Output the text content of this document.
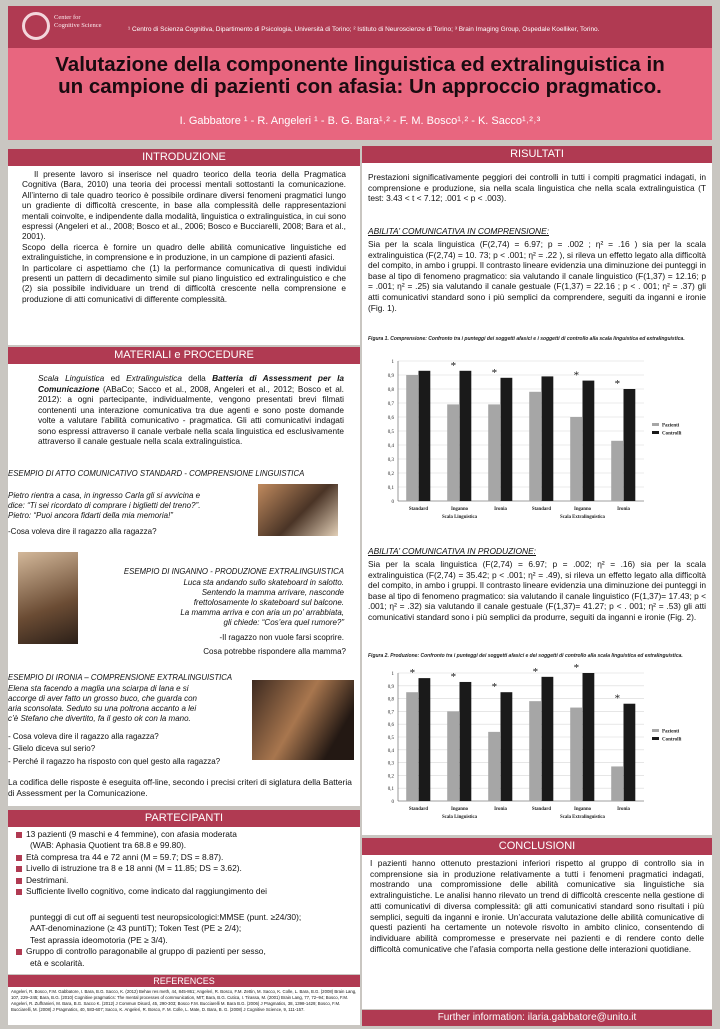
Center for
Cognitive Science
¹ Centro di Scienza Cognitiva, Dipartimento di Psicologia, Università di Torino; ² Istituto di Neuroscienze di Torino; ³ Brain Imaging Group, Ospedale Koelliker, Torino.
Valutazione della componente linguistica ed extralinguistica in
un campione di pazienti con afasia: Un approccio pragmatico.
I. Gabbatore ¹ - R. Angeleri ¹ - B. G. Bara¹˒² - F. M. Bosco¹˒² - K. Sacco¹˒²˒³
INTRODUZIONE
Il presente lavoro si inserisce nel quadro teorico della teoria della Pragmatica Cognitiva (Bara, 2010) una teoria dei processi mentali sottostanti la comunicazione. All’interno di tale quadro teorico è possibile ordinare diversi fenomeni pragmatici lungo un gradiente di difficoltà crescente, in base alla complessità delle rappresentazioni mentali coinvolte, e indipendente dalla modalità, linguistica o extralinguistica, in cui sono espressi (Angeleri et al., 2008; Bosco et al., 2006; Bosco e Bucciarelli, 2008; Bara et al., 2001).
Scopo della ricerca è fornire un quadro delle abilità comunicative linguistiche ed extralinguistiche, in comprensione e in produzione, in un campione di pazienti afasici.
In particolare ci aspettiamo che (1) la performance comunicativa di questi individui presenti un pattern di decadimento simile sul piano linguistico ed extralinguistico e che (2) sia possibile individuare un trend di difficoltà crescente nella comprensione e produzione di atti comunicativi di differente complessità.
MATERIALI e PROCEDURE
Scala Linguistica ed Extralinguistica della Batteria di Assessment per la Comunicazione (ABaCo; Sacco et al., 2008, Angeleri et al., 2012; Bosco et al. 2012): a ogni partecipante, individualmente, vengono presentati brevi filmati contenenti una interazione comunicativa tra due agenti e sono poste domande volte a valutare l’abilità comunicativo - pragmatica. Gli atti comunicativi indagati sono espressi attraverso il canale verbale nella scala linguistica ed esclusivamente attraverso il canale gestuale nella scala extralinguistica.
ESEMPIO DI ATTO COMUNICATIVO STANDARD - COMPRENSIONE LINGUISTICA
Pietro rientra a casa, in ingresso Carla gli si avvicina e
dice: “Ti sei ricordato di comprare i biglietti del treno?”.
Pietro: “Puoi ancora fidarti della mia memoria!”
-Cosa voleva dire il ragazzo alla ragazza?
ESEMPIO DI INGANNO - PRODUZIONE EXTRALINGUISTICA
Luca sta andando sullo skateboard in salotto.
Sentendo la mamma arrivare, nasconde
frettolosamente lo skateboard sul balcone.
La mamma arriva e con aria un po’ arrabbiata,
gli chiede: “Cos’era quel rumore?”
-Il ragazzo non vuole farsi scoprire.
Cosa potrebbe rispondere alla mamma?
ESEMPIO DI IRONIA – COMPRENSIONE EXTRALINGUISTICA
Elena sta facendo a maglia una sciarpa di lana e si
accorge di aver fatto un grosso buco, che guarda con
aria sconsolata. Seduto su una poltrona accanto a lei
c’è Stefano che divertito, fa il gesto ok con la mano.
- Cosa voleva dire il ragazzo alla ragazza?
- Glielo diceva sul serio?
- Perché il ragazzo ha risposto con quel gesto alla ragazza?
La codifica delle risposte è eseguita off-line, secondo i precisi criteri di siglatura della Batteria di Assessment per la Comunicazione.
PARTECIPANTI
13 pazienti (9 maschi e 4 femmine), con afasia moderata
(WAB: Aphasia Quotient tra 68.8 e 99.80).
Età compresa tra 44 e 72 anni (M = 59.7; DS = 8.87).
Livello di istruzione tra 8 e 18 anni (M = 11.85; DS = 3.62).
Destrimani.
Sufficiente livello cognitivo, come indicato dal raggiungimento dei
punteggi di cut off ai seguenti test neuropsicologici:MMSE (punt. ≥24/30);
AAT-denominazione (≥ 43 puntiT); Token Test (PE ≥ 2/4);
Test aprassia ideomotoria (PE ≥ 3/4).
Gruppo di controllo paragonabile al gruppo di pazienti per sesso,
età e scolarità.
REFERENCES
Angeleri, R. Bosco, F.M. Gabbatore, I. Bara, B.G. Sacco, K. (2012) Behav res meth, 44, 845-861; Angeleri, R. Bosco, F.M. Zettin, M. Sacco, K. Colle, L. Bara, B.G. (2008) Brain Lang, 107, 229–245; Bara, B.G. (2010) Cognitive pragmatics: The mental processes of communication, MIT; Bara, B.G. Cutica, I. Tirassa, M. (2001) Brain Lang, 77, 72–94; Bosco, F.M. Angeleri, R. Zuffranieri, M. Bara, B.G. Sacco K. (2012) J Commun Disord, 45, 290-303; Bosco F.M. Bucciarelli M. Bara B.G. (2006) J Pragmatics, 38, 1398-1429; Bosco, F.M. Bucciarelli, M. (2008) J Pragmatics, 40, 583-607; Sacco, K. Angeleri, R. Bosco, F. M. Colle, L. Mate, D. Bara, B. G. (2008) J Cognitive Science, 9, 111-157.
RISULTATI
Prestazioni significativamente peggiori dei controlli in tutti i compiti pragmatici indagati, in comprensione e produzione, sia nella scala linguistica che nella scala extralinguistica (T test: 3.43 < t < 7.12; .001 < p < .003).
ABILITA’ COMUNICATIVA IN COMPRENSIONE:
Sia per la scala linguistica (F(2,74) = 6.97; p = .002 ; η² = .16 ) sia per la scala extralinguistica (F(2,74) = 10. 73; p < .001; η² = .22 ), si rileva un effetto legato alla difficoltà del compito, in ambo i gruppi. Il contrasto lineare evidenzia una diminuzione dei punteggi in base al tipo di fenomeno pragmatico: sia valutando il canale linguistico (F(1,37) = 12.16; p = .001; η² = .25) sia valutando il canale gestuale (F(1,37) = 22.16 ; p < . 001; η² = .37) gli atti comunicativi standard sono i più semplici da comprendere, seguiti da inganni e ironie (Fig. 1).
Figura 1. Comprensione: Confronto tra i punteggi dei soggetti afasici e i soggetti di controllo alla scala linguistica ed extralinguistica.
0
0,1
0,2
0,3
0,4
0,5
0,6
0,7
0,8
0,9
1
Standard
*
Inganno
*
Ironia	Standard
*
Inganno
*
Ironia
Scala Linguistica	Scala Extralinguistica
Pazienti
Controlli
ABILITA’ COMUNICATIVA IN PRODUZIONE:
Sia per la scala linguistica (F(2,74) = 6.97; p = .002; η² = .16) sia per la scala extralinguistica (F(2,74) = 35.42; p < .001; η² = .49), si rileva un effetto legato alla difficoltà del compito, in ambo i gruppi. Il contrasto lineare evidenzia una diminuzione dei punteggi in base al tipo di fenomeno pragmatico: sia valutando il canale linguistico (F(1,37)= 17.43; p < .001; η² = .32) sia valutando il canale gestuale (F(1,37)= 41.27; p < . 001; η² = .53) gli atti comunicativi standard sono i più semplici da produrre, seguiti da inganni e ironie (Fig. 2).
Figura 2. Produzione: Confronto tra i punteggi dei soggetti afasici e dei soggetti di controllo alla scala linguistica ed extralinguistica.
0
0,1
0,2
0,3
0,4
0,5
0,6
0,7
0,8
0,9
1 *
Standard
*
Inganno
*
Ironia
*
Standard
*
Inganno
*
Ironia
Scala Linguistica	Scala Extralinguistica
Pazienti
Controlli
CONCLUSIONI
I pazienti hanno ottenuto prestazioni inferiori rispetto al gruppo di controllo sia in comprensione sia in produzione relativamente a tutti i fenomeni pragmatici indagati, mostrando una compromissione delle abilità comunicative sia linguistiche sia extralinguistiche. Le analisi hanno rilevato un trend di difficoltà crescente nella gestione di atti comunicativi di diversa complessità: gli atti comunicativi standard sono risultati i più semplici, seguiti da inganni e ironie. Un’accurata valutazione delle abilità comunicative di questi pazienti ha certamente un notevole risvolto in ambito clinico, consentendo di individuare abilità compromesse e preservate nei pazienti e di rendere conto delle difficoltà comunicative che l’afasia comporta nella gestione delle interazioni quotidiane.
Further information: ilaria.gabbatore@unito.it
